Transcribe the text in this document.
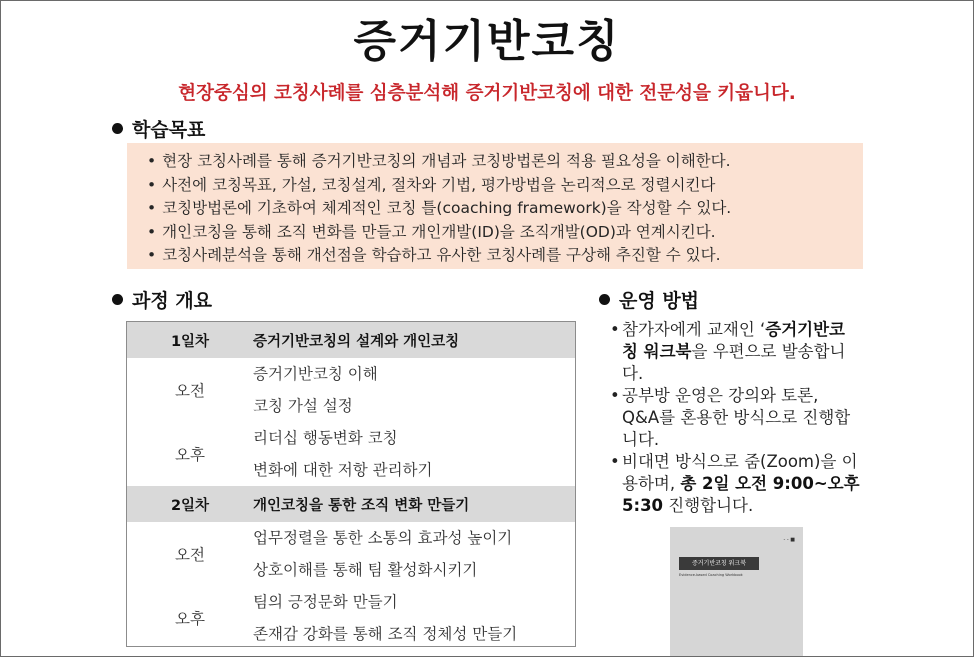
증거기반코칭
현장중심의 코칭사례를 심층분석해 증거기반코칭에 대한 전문성을 키웁니다.
학습목표
• 현장 코칭사례를 통해 증거기반코칭의 개념과 코칭방법론의 적용 필요성을 이해한다.
• 사전에 코칭목표, 가설, 코칭설계, 절차와 기법, 평가방법을 논리적으로 정렬시킨다
• 코칭방법론에 기초하여 체계적인 코칭 틀(coaching framework)을 작성할 수 있다.
• 개인코칭을 통해 조직 변화를 만들고 개인개발(ID)을 조직개발(OD)과 연계시킨다.
• 코칭사례분석을 통해 개선점을 학습하고 유사한 코칭사례를 구상해 추진할 수 있다.
과정 개요
1일차	증거기반코칭의 설계와 개인코칭
오전
증거기반코칭 이해
코칭 가설 설정
오후
리더십 행동변화 코칭
변화에 대한 저항 관리하기
2일차	개인코칭을 통한 조직 변화 만들기
오전
업무정렬을 통한 소통의 효과성 높이기
상호이해를 통해 팀 활성화시키기
오후
팀의 긍정문화 만들기
존재감 강화를 통해 조직 정체성 만들기
운영 방법
• 참가자에게 교재인 ‘증거기반코칭 워크북을 우편으로 발송합니다.
• 공부방 운영은 강의와 토론, Q&A를 혼용한 방식으로 진행합니다.
• 비대면 방식으로 줌(Zoom)을 이용하며, 총 2일 오전 9:00~오후5:30 진행합니다.
- - ■
증거기반코칭 워크북
Evidence-based Coaching Workbook
